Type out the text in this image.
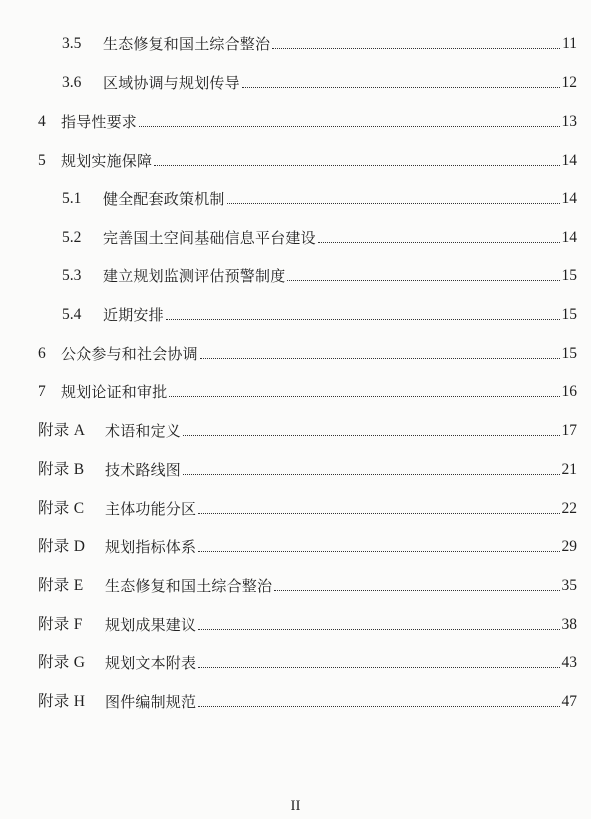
3.5	生态修复和国土综合整治	11
3.6	区域协调与规划传导	12
4	指导性要求	13
5	规划实施保障	14
5.1	健全配套政策机制	14
5.2	完善国土空间基础信息平台建设	14
5.3	建立规划监测评估预警制度	15
5.4	近期安排	15
6	公众参与和社会协调	15
7	规划论证和审批	16
附录 A	术语和定义	17
附录 B	技术路线图	21
附录 C	主体功能分区	22
附录 D	规划指标体系	29
附录 E	生态修复和国土综合整治	35
附录 F	规划成果建议	38
附录 G	规划文本附表	43
附录 H	图件编制规范	47
II
